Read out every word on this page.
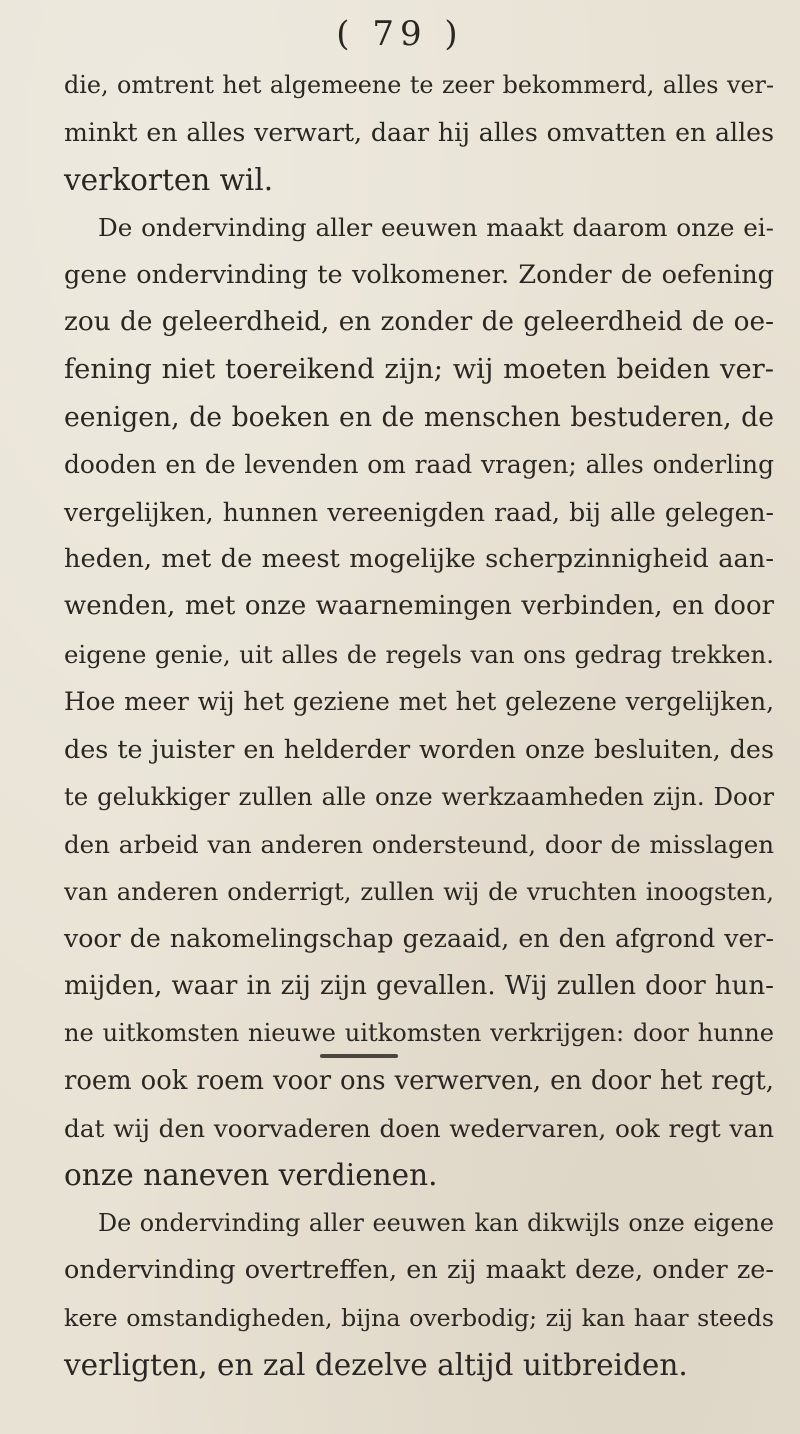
( 79 )
die, omtrent het algemeene te zeer bekommerd, alles ver-
minkt en alles verwart, daar hij alles omvatten en alles
verkorten wil.
De ondervinding aller eeuwen maakt daarom onze ei-
gene ondervinding te volkomener. Zonder de oefening
zou de geleerdheid, en zonder de geleerdheid de oe-
fening niet toereikend zijn; wij moeten beiden ver-
eenigen, de boeken en de menschen bestuderen, de
dooden en de levenden om raad vragen; alles onderling
vergelijken, hunnen vereenigden raad, bij alle gelegen-
heden, met de meest mogelijke scherpzinnigheid aan-
wenden, met onze waarnemingen verbinden, en door
eigene genie, uit alles de regels van ons gedrag trekken.
Hoe meer wij het geziene met het gelezene vergelijken,
des te juister en helderder worden onze besluiten, des
te gelukkiger zullen alle onze werkzaamheden zijn. Door
den arbeid van anderen ondersteund, door de misslagen
van anderen onderrigt, zullen wij de vruchten inoogsten,
voor de nakomelingschap gezaaid, en den afgrond ver-
mijden, waar in zij zijn gevallen. Wij zullen door hun-
ne uitkomsten nieuwe uitkomsten verkrijgen: door hunne
roem ook roem voor ons verwerven, en door het regt,
dat wij den voorvaderen doen wedervaren, ook regt van
onze naneven verdienen.
De ondervinding aller eeuwen kan dikwijls onze eigene
ondervinding overtreffen, en zij maakt deze, onder ze-
kere omstandigheden, bijna overbodig; zij kan haar steeds
verligten, en zal dezelve altijd uitbreiden.
